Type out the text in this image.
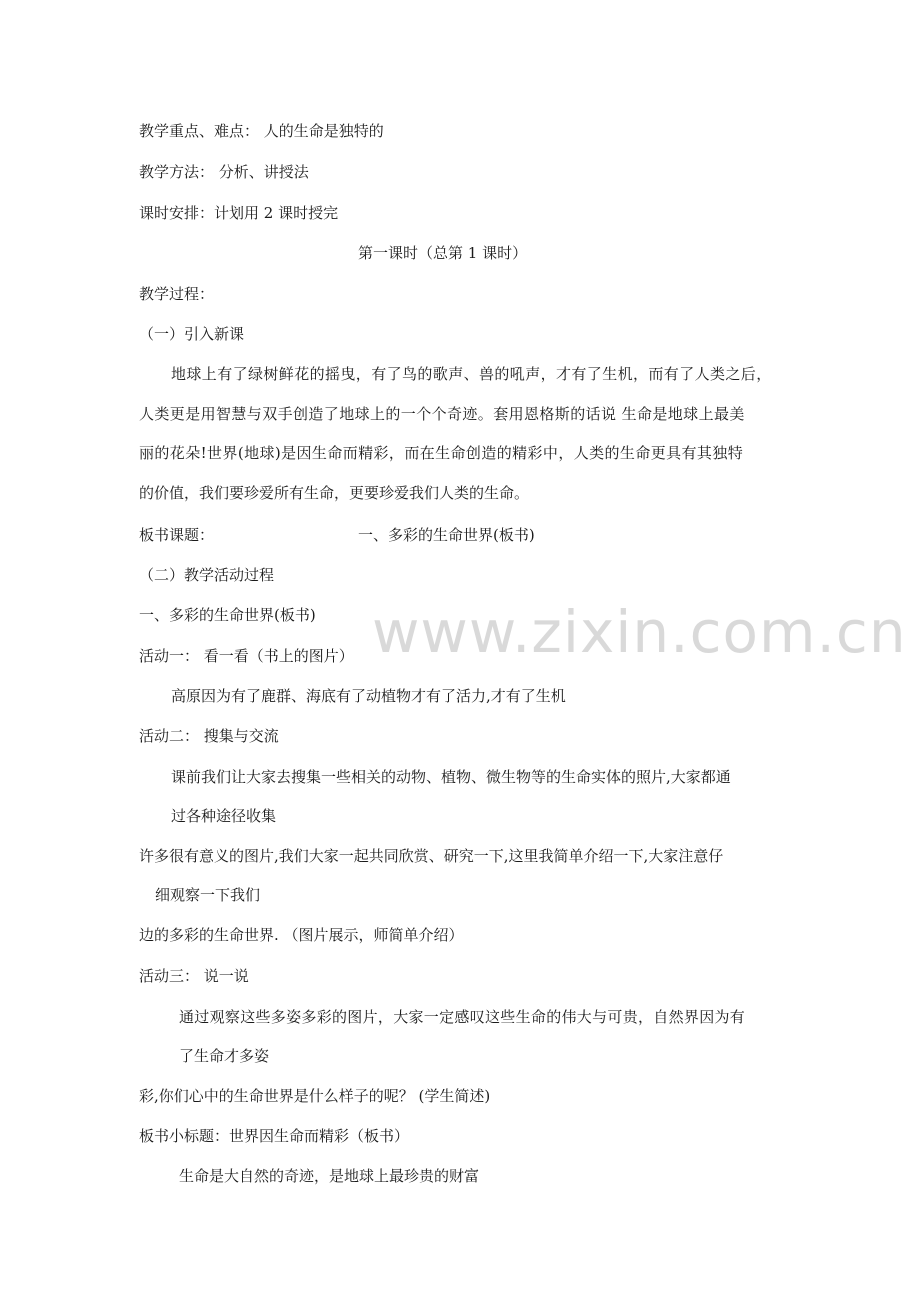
www.zixin.com.cn
教学重点、难点： 人的生命是独特的
教学方法： 分析、讲授法
课时安排：计划用 2 课时授完
第一课时（总第 1 课时）
教学过程：
（一）引入新课
地球上有了绿树鲜花的摇曳，有了鸟的歌声、兽的吼声，才有了生机，而有了人类之后，
人类更是用智慧与双手创造了地球上的一个个奇迹。套用恩格斯的话说 生命是地球上最美
丽的花朵!世界(地球)是因生命而精彩，而在生命创造的精彩中，人类的生命更具有其独特
的价值，我们要珍爱所有生命，更要珍爱我们人类的生命。
板书课题：	一、多彩的生命世界(板书)
（二）教学活动过程
一、多彩的生命世界(板书)
活动一： 看一看（书上的图片）
高原因为有了鹿群、海底有了动植物才有了活力,才有了生机
活动二： 搜集与交流
课前我们让大家去搜集一些相关的动物、植物、微生物等的生命实体的照片,大家都通
过各种途径收集
许多很有意义的图片,我们大家一起共同欣赏、研究一下,这里我简单介绍一下,大家注意仔
细观察一下我们
边的多彩的生命世界. （图片展示，师简单介绍）
活动三： 说一说
通过观察这些多姿多彩的图片，大家一定感叹这些生命的伟大与可贵，自然界因为有
了生命才多姿
彩,你们心中的生命世界是什么样子的呢？ (学生简述)
板书小标题：世界因生命而精彩（板书）
生命是大自然的奇迹，是地球上最珍贵的财富
